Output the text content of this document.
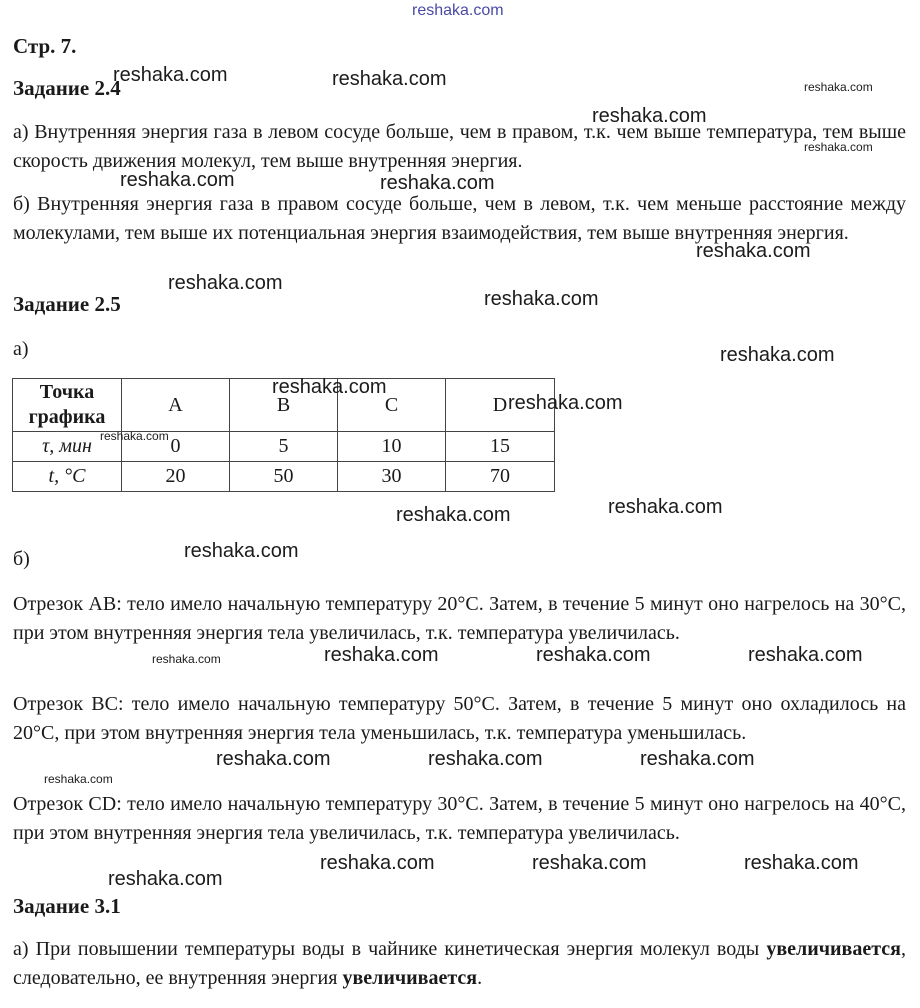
reshaka.com
Стр. 7.
Задание 2.4

а) Внутренняя энергия газа в левом сосуде больше, чем в правом, т.к. чем выше температура, тем выше скорость движения молекул, тем выше внутренняя энергия.

б) Внутренняя энергия газа в правом сосуде больше, чем в левом, т.к. чем меньше расстояние между молекулами, тем выше их потенциальная энергия взаимодействия, тем выше внутренняя энергия.

Задание 2.5
а)
Точка
графика	A	B	C	D
τ, мин	0	5	10	15
t, °C	20	50	30	70
б)

Отрезок AB: тело имело начальную температуру 20°С. Затем, в течение 5 минут оно нагрелось на 30°С, при этом внутренняя энергия тела увеличилась, т.к. температура увеличилась.

Отрезок BC: тело имело начальную температуру 50°С. Затем, в течение 5 минут оно охладилось на 20°С, при этом внутренняя энергия тела уменьшилась, т.к. температура уменьшилась.

Отрезок CD: тело имело начальную температуру 30°С. Затем, в течение 5 минут оно нагрелось на 40°С, при этом внутренняя энергия тела увеличилась, т.к. температура увеличилась.

Задание 3.1

а) При повышении температуры воды в чайнике кинетическая энергия молекул воды увеличивается, следовательно, ее внутренняя энергия увеличивается.

reshaka.com	reshaka.com	reshaka.com
reshaka.com
reshaka.com
reshaka.com	reshaka.com
reshaka.com
reshaka.com
reshaka.com
reshaka.com
reshaka.com
reshaka.com
reshaka.com
reshaka.com
reshaka.com
reshaka.com
reshaka.com	reshaka.com	reshaka.com	reshaka.com
reshaka.com	reshaka.com	reshaka.com
reshaka.com
reshaka.com	reshaka.com	reshaka.com
reshaka.com
